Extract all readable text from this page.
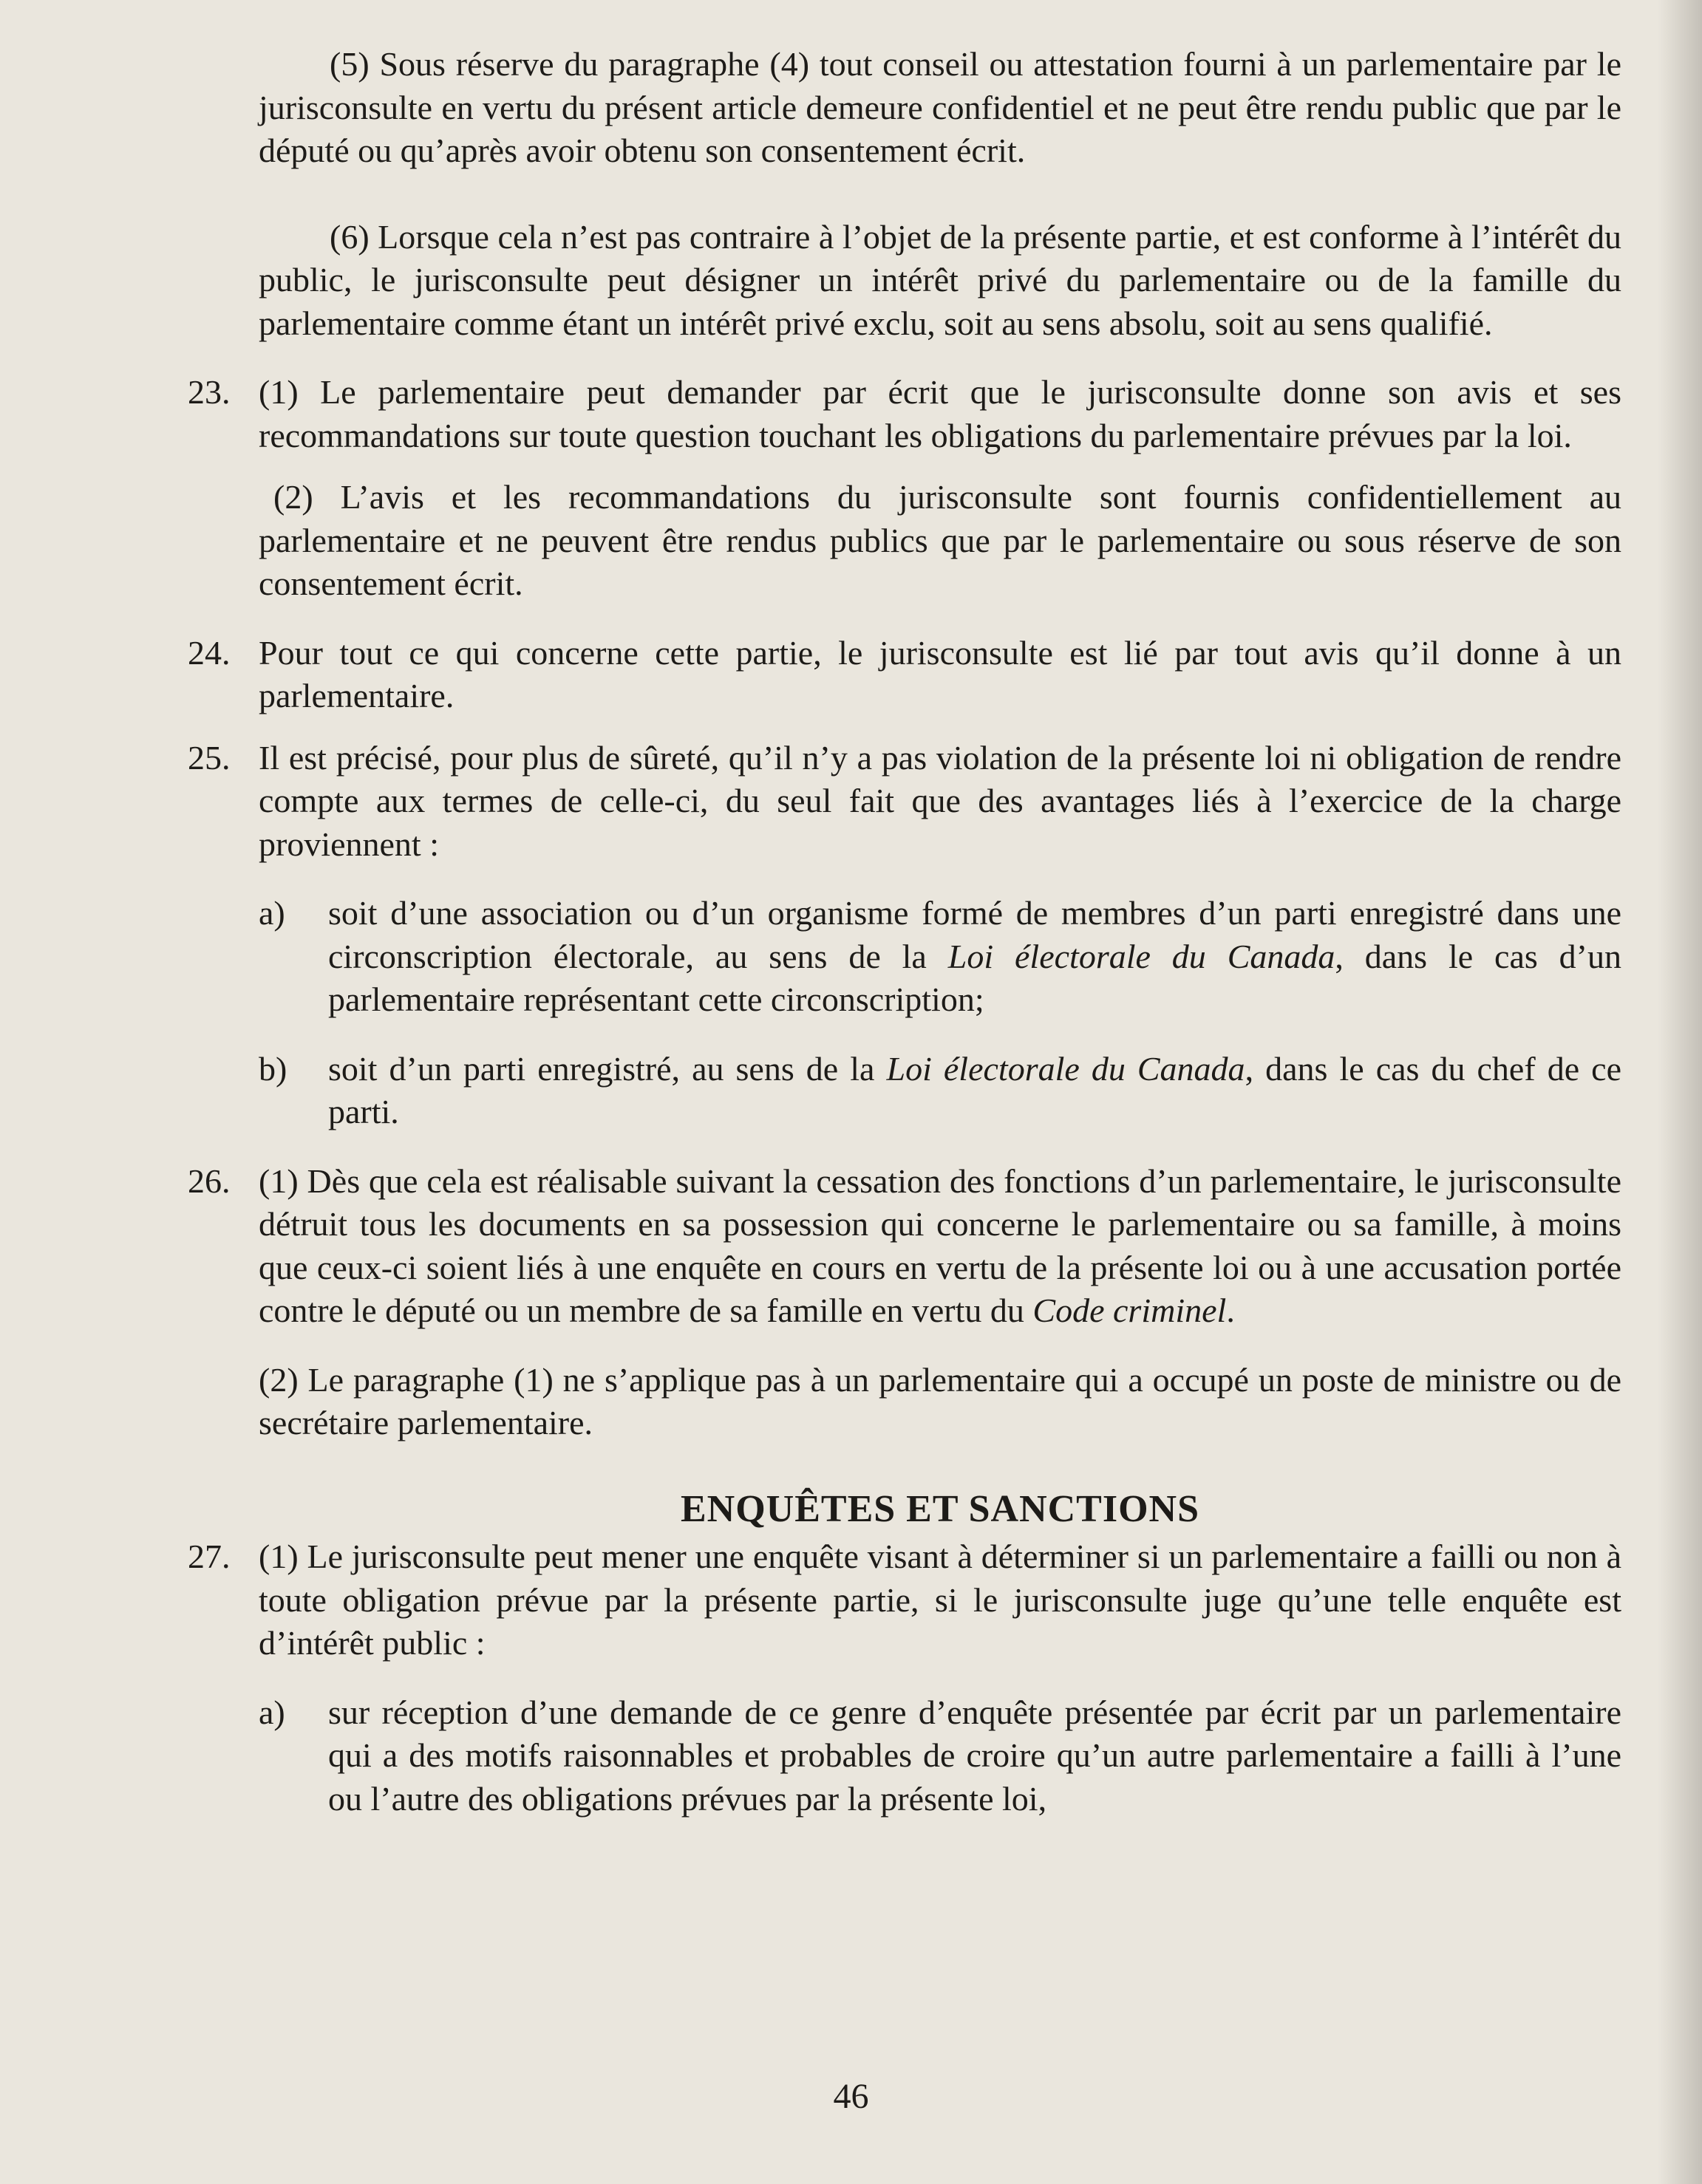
(5) Sous réserve du paragraphe (4) tout conseil ou attestation fourni à un parlementaire par le jurisconsulte en vertu du présent article demeure confidentiel et ne peut être rendu public que par le député ou qu’après avoir obtenu son consentement écrit.

(6) Lorsque cela n’est pas contraire à l’objet de la présente partie, et est conforme à l’intérêt du public, le jurisconsulte peut désigner un intérêt privé du parlementaire ou de la famille du parlementaire comme étant un intérêt privé exclu, soit au sens absolu, soit au sens qualifié.

23. (1) Le parlementaire peut demander par écrit que le jurisconsulte donne son avis et ses recommandations sur toute question touchant les obligations du parlementaire prévues par la loi.

(2) L’avis et les recommandations du jurisconsulte sont fournis confidentiellement au parlementaire et ne peuvent être rendus publics que par le parlementaire ou sous réserve de son consentement écrit.

24. Pour tout ce qui concerne cette partie, le jurisconsulte est lié par tout avis qu’il donne à un parlementaire.

25. Il est précisé, pour plus de sûreté, qu’il n’y a pas violation de la présente loi ni obligation de rendre compte aux termes de celle-ci, du seul fait que des avantages liés à l’exercice de la charge proviennent :

a) soit d’une association ou d’un organisme formé de membres d’un parti enregistré dans une circonscription électorale, au sens de la Loi électorale du Canada, dans le cas d’un parlementaire représentant cette circonscription;

b) soit d’un parti enregistré, au sens de la Loi électorale du Canada, dans le cas du chef de ce parti.

26. (1) Dès que cela est réalisable suivant la cessation des fonctions d’un parlementaire, le jurisconsulte détruit tous les documents en sa possession qui concerne le parlementaire ou sa famille, à moins que ceux-ci soient liés à une enquête en cours en vertu de la présente loi ou à une accusation portée contre le député ou un membre de sa famille en vertu du Code criminel.

(2) Le paragraphe (1) ne s’applique pas à un parlementaire qui a occupé un poste de ministre ou de secrétaire parlementaire.

ENQUÊTES ET SANCTIONS
27. (1) Le jurisconsulte peut mener une enquête visant à déterminer si un parlementaire a failli ou non à toute obligation prévue par la présente partie, si le jurisconsulte juge qu’une telle enquête est d’intérêt public :

a) sur réception d’une demande de ce genre d’enquête présentée par écrit par un parlementaire qui a des motifs raisonnables et probables de croire qu’un autre parlementaire a failli à l’une ou l’autre des obligations prévues par la présente loi,

46
